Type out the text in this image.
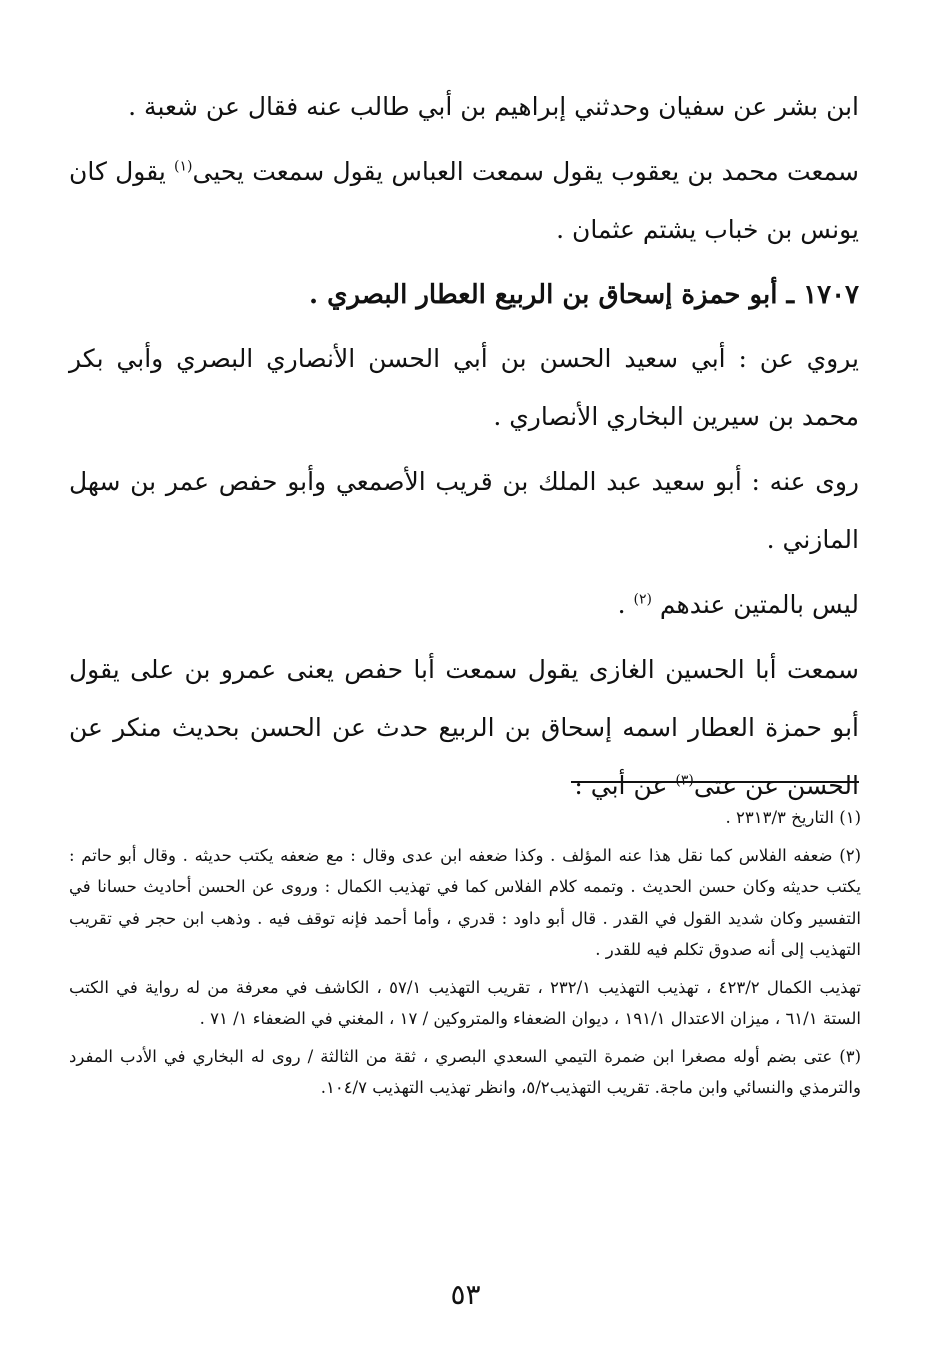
ابن بشر عن سفيان وحدثني إبراهيم بن أبي طالب عنه فقال عن شعبة .

سمعت محمد بن يعقوب يقول سمعت العباس يقول سمعت يحيى$^{(١)}$ يقول كان يونس بن خباب يشتم عثمان .

١٧٠٧ ـ أبو حمزة إسحاق بن الربيع العطار البصري .

يروي عن : أبي سعيد الحسن بن أبي الحسن الأنصاري البصري وأبي بكر محمد بن سيرين البخاري الأنصاري .

روى عنه : أبو سعيد عبد الملك بن قريب الأصمعي وأبو حفص عمر بن سهل المازني .

ليس بالمتين عندهم $^{(٢)}$ .

سمعت أبا الحسين الغازى يقول سمعت أبا حفص يعنى عمرو بن على يقول أبو حمزة العطار اسمه إسحاق بن الربيع حدث عن الحسن بحديث منكر عن الحسن عن عتى$^{(٣)}$ عن أبي :

(١) التاريخ ٢٣١٣/٣ .

(٢) ضعفه الفلاس كما نقل هذا عنه المؤلف . وكذا ضعفه ابن عدى وقال : مع ضعفه يكتب حديثه . وقال أبو حاتم : يكتب حديثه وكان حسن الحديث . وتممه كلام الفلاس كما في تهذيب الكمال : وروى عن الحسن أحاديث حسانا في التفسير وكان شديد القول في القدر . قال أبو داود : قدري ، وأما أحمد فإنه توقف فيه . وذهب ابن حجر في تقريب التهذيب إلى أنه صدوق تكلم فيه للقدر .

تهذيب الكمال ٤٢٣/٢ ، تهذيب التهذيب ٢٣٢/١ ، تقريب التهذيب ٥٧/١ ، الكاشف في معرفة من له رواية في الكتب الستة ٦١/١ ، ميزان الاعتدال ١٩١/١ ، ديوان الضعفاء والمتروكين / ١٧ ، المغني في الضعفاء ١/ ٧١ .

(٣) عتى بضم أوله مصغرا ابن ضمرة التيمي السعدي البصري ، ثقة من الثالثة / روى له البخاري في الأدب المفرد والترمذي والنسائي وابن ماجة. تقريب التهذيب٥/٢، وانظر تهذيب التهذيب ١٠٤/٧.

٥٣
